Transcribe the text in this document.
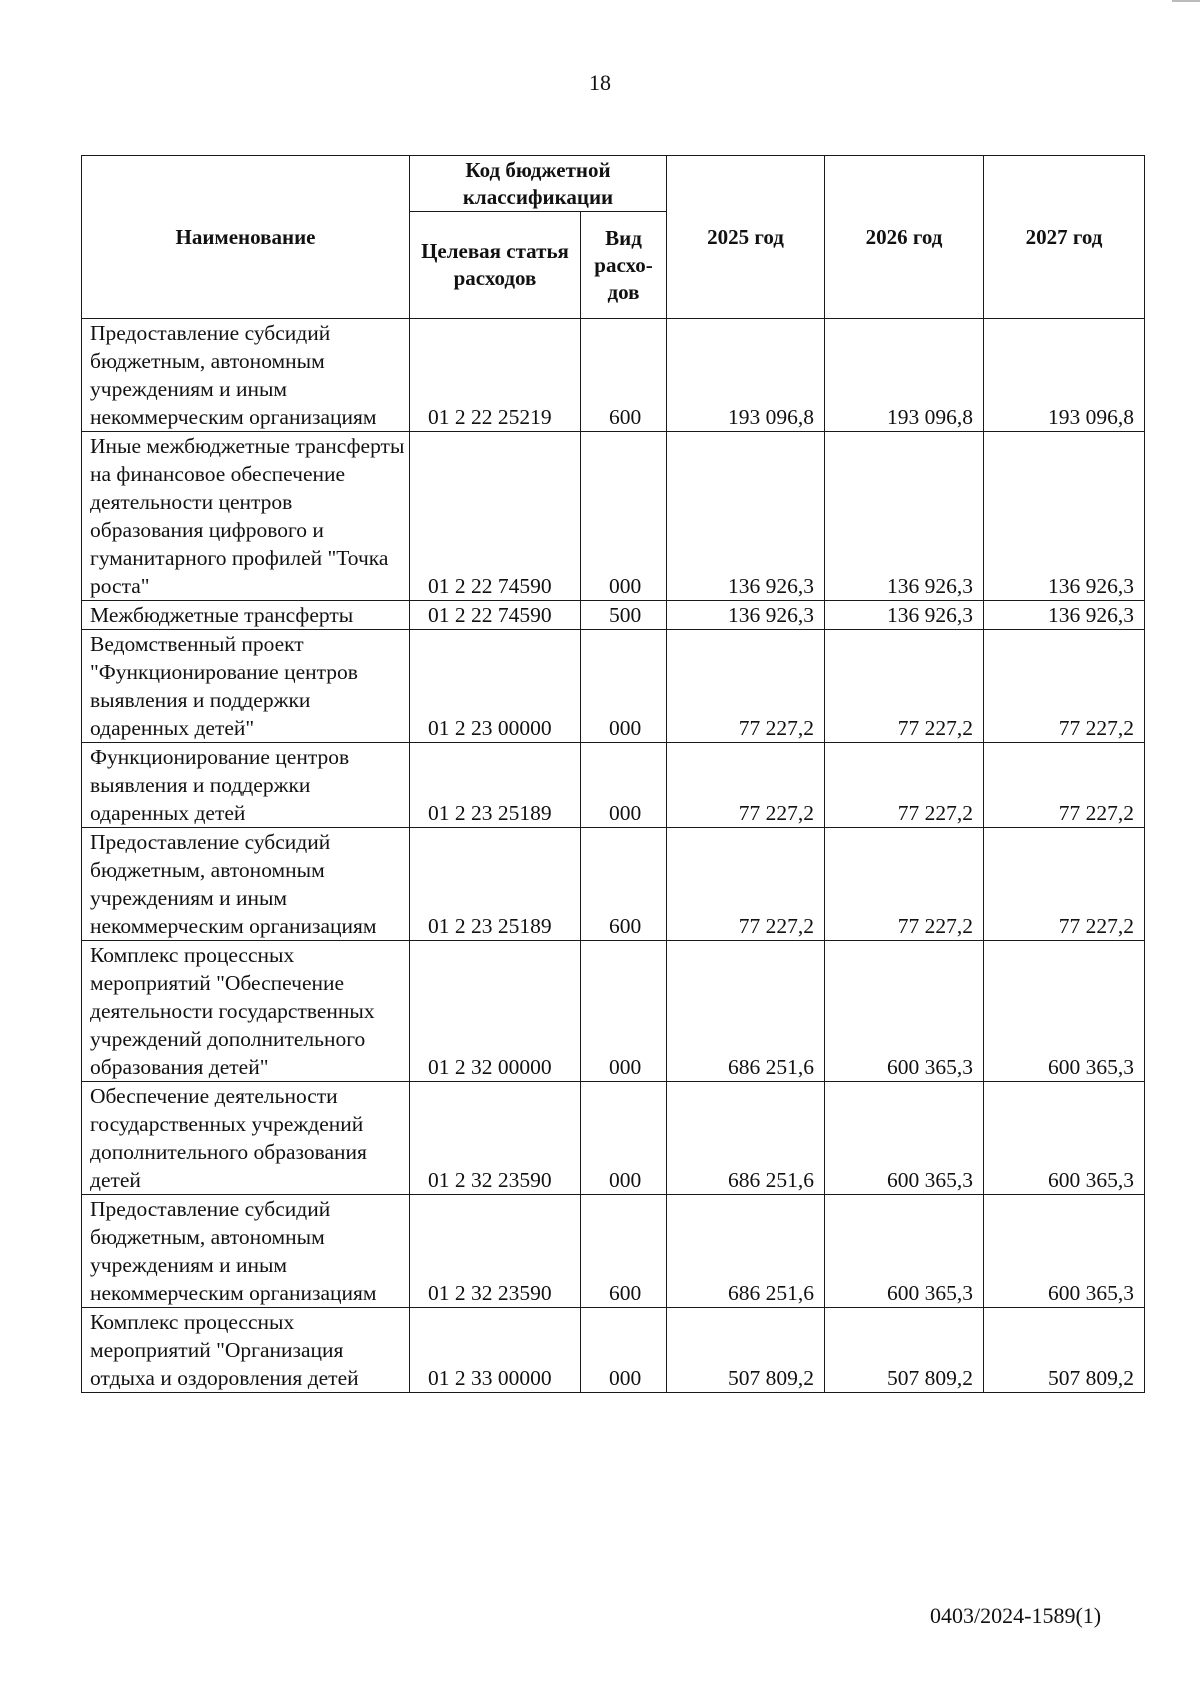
18
Наименование	Код бюджетной классификации		2025 год	2026 год	2027 год
	Целевая статья расходов	Вид расхо-дов			
Предоставление субсидий бюджетным, автономным учреждениям и иным некоммерческим организациям	01 2 22 25219	600	193 096,8	193 096,8	193 096,8
Иные межбюджетные трансферты на финансовое обеспечение деятельности центров образования цифрового и гуманитарного профилей "Точка роста"	01 2 22 74590	000	136 926,3	136 926,3	136 926,3
Межбюджетные трансферты	01 2 22 74590	500	136 926,3	136 926,3	136 926,3
Ведомственный проект "Функционирование центров выявления и поддержки одаренных детей"	01 2 23 00000	000	77 227,2	77 227,2	77 227,2
Функционирование центров выявления и поддержки одаренных детей	01 2 23 25189	000	77 227,2	77 227,2	77 227,2
Предоставление субсидий бюджетным, автономным учреждениям и иным некоммерческим организациям	01 2 23 25189	600	77 227,2	77 227,2	77 227,2
Комплекс процессных мероприятий "Обеспечение деятельности государственных учреждений дополнительного образования детей"	01 2 32 00000	000	686 251,6	600 365,3	600 365,3
Обеспечение деятельности государственных учреждений дополнительного образования детей	01 2 32 23590	000	686 251,6	600 365,3	600 365,3
Предоставление субсидий бюджетным, автономным учреждениям и иным некоммерческим организациям	01 2 32 23590	600	686 251,6	600 365,3	600 365,3
Комплекс процессных мероприятий "Организация отдыха и оздоровления детей	01 2 33 00000	000	507 809,2	507 809,2	507 809,2
0403/2024-1589(1)
